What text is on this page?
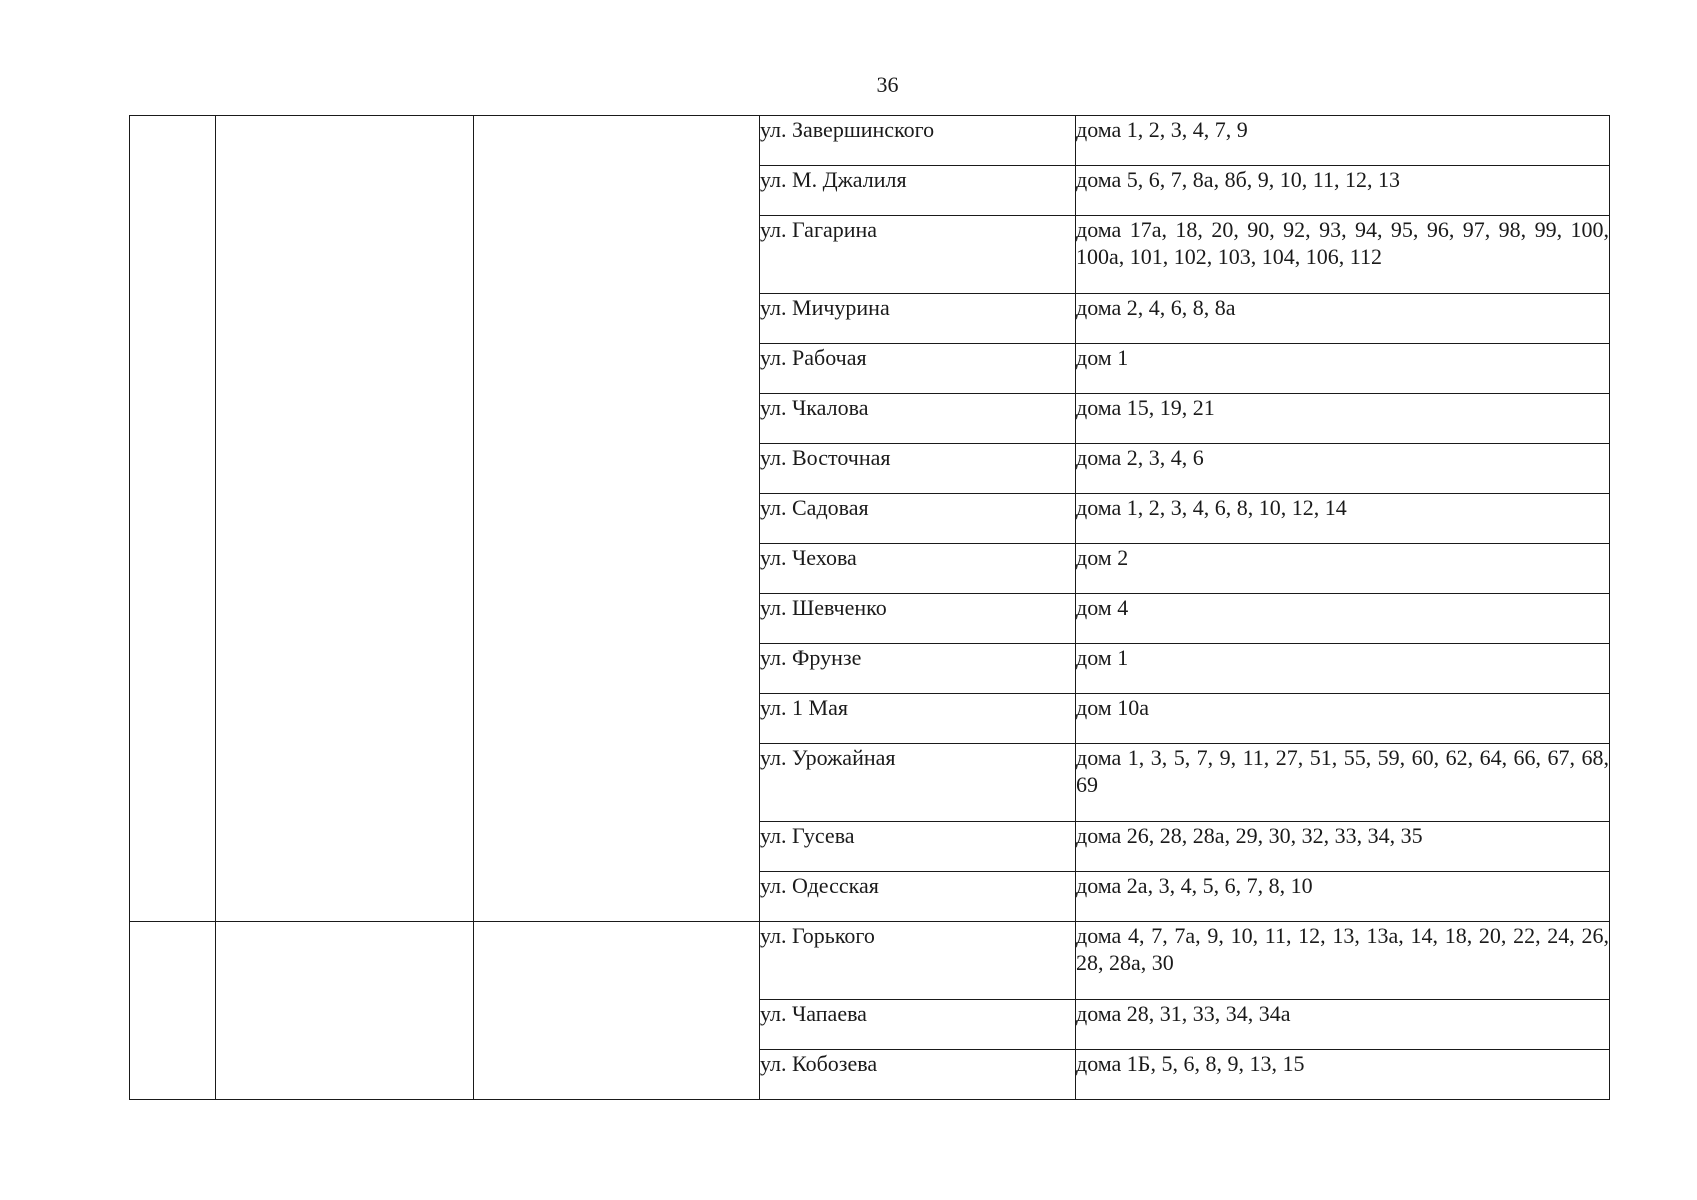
36
			ул. Завершинского	дома 1, 2, 3, 4, 7, 9
			ул. М. Джалиля	дома 5, 6, 7, 8а, 8б, 9, 10, 11, 12, 13
			ул. Гагарина	дома 17а, 18, 20, 90, 92, 93, 94, 95, 96, 97, 98, 99, 100, 100а, 101, 102, 103, 104, 106, 112
			ул. Мичурина	дома 2, 4, 6, 8, 8а
			ул. Рабочая	дом 1
			ул. Чкалова	дома 15, 19, 21
			ул. Восточная	дома 2, 3, 4, 6
			ул. Садовая	дома 1, 2, 3, 4, 6, 8, 10, 12, 14
			ул. Чехова	дом 2
			ул. Шевченко	дом 4
			ул. Фрунзе	дом 1
			ул. 1 Мая	дом 10а
			ул. Урожайная	дома 1, 3, 5, 7, 9, 11, 27, 51, 55, 59, 60, 62, 64, 66, 67, 68, 69
			ул. Гусева	дома 26, 28, 28а, 29, 30, 32, 33, 34, 35
			ул. Одесская	дома 2а, 3, 4, 5, 6, 7, 8, 10
			ул. Горького	дома 4, 7, 7а, 9, 10, 11, 12, 13, 13а, 14, 18, 20, 22, 24, 26, 28, 28а, 30
			ул. Чапаева	дома 28, 31, 33, 34, 34а
			ул. Кобозева	дома 1Б, 5, 6, 8, 9, 13, 15
